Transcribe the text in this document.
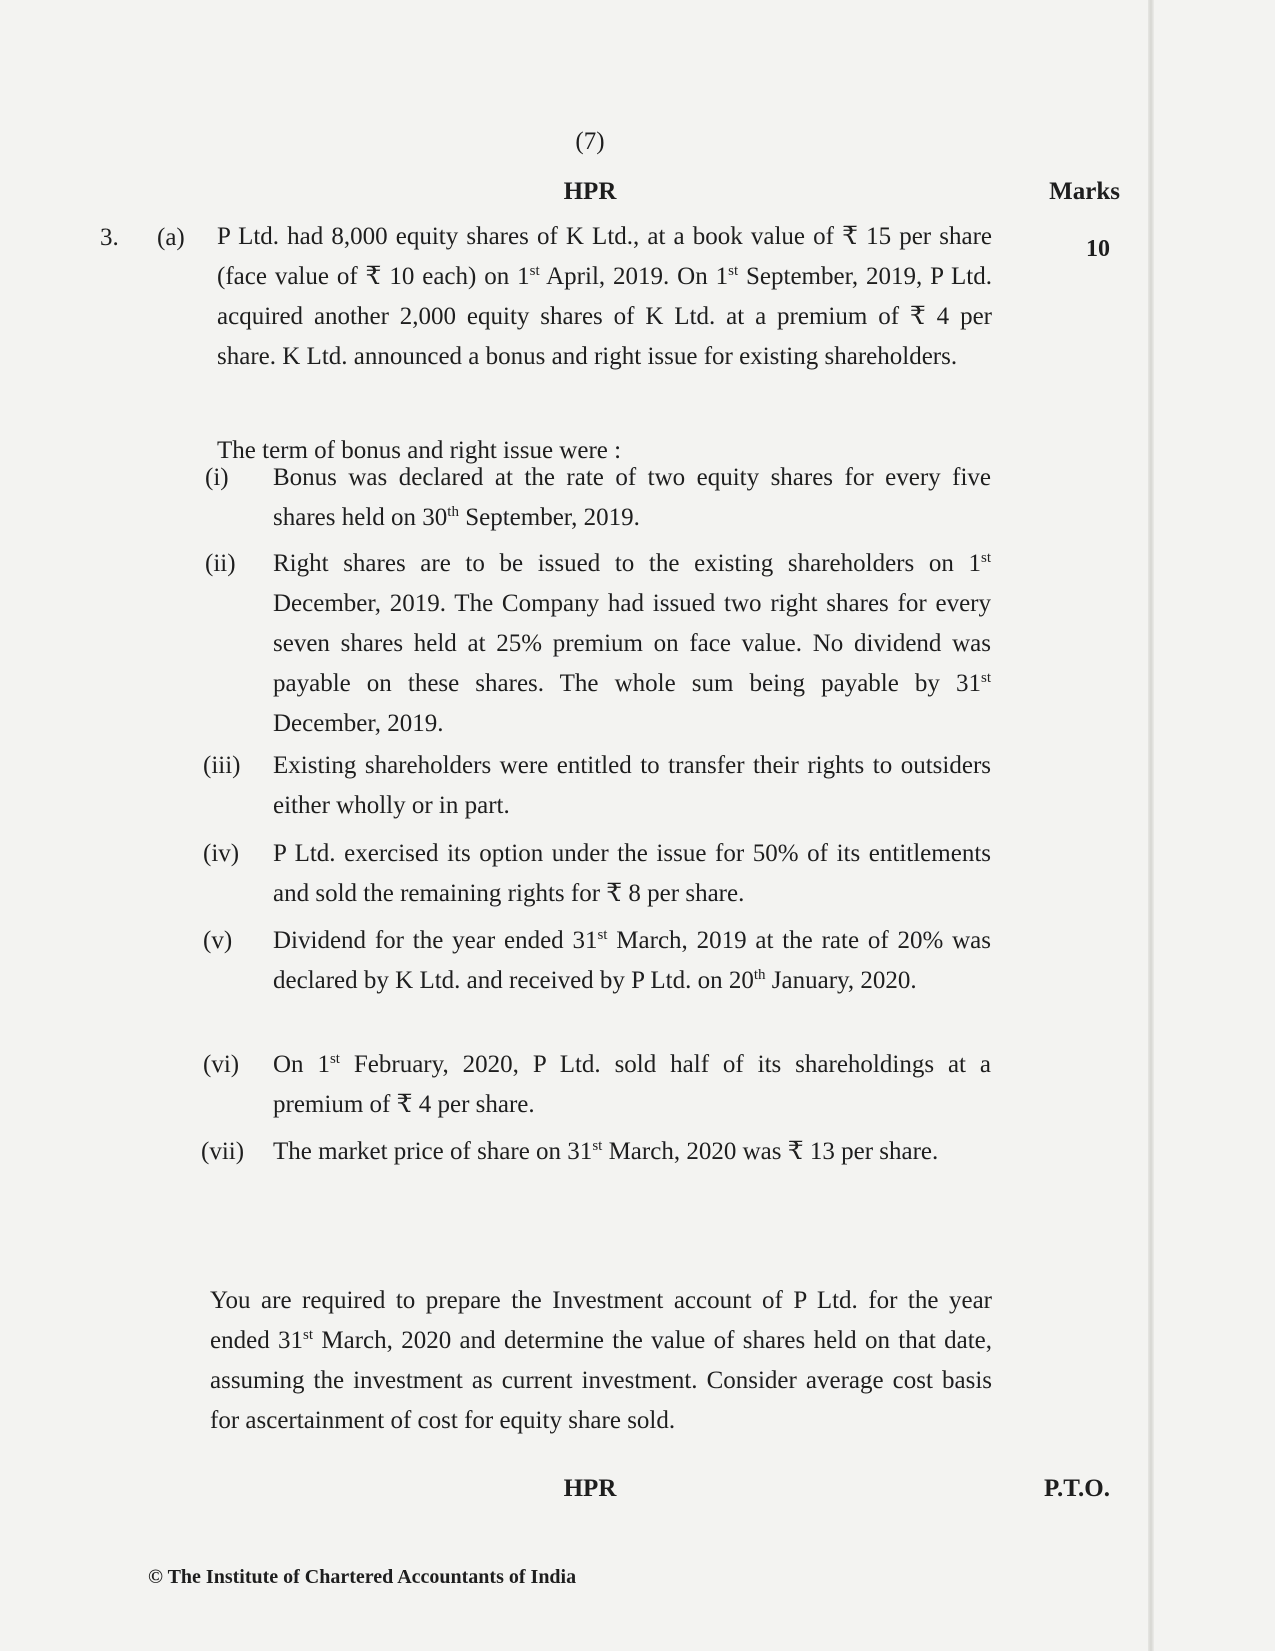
(7)
HPR	Marks
3. (a)	10
P Ltd. had 8,000 equity shares of K Ltd., at a book value of ₹ 15 per share (face value of ₹ 10 each) on 1st April, 2019. On 1st September, 2019, P Ltd. acquired another 2,000 equity shares of K Ltd. at a premium of ₹ 4 per share. K Ltd. announced a bonus and right issue for existing shareholders.
The term of bonus and right issue were :
(i) Bonus was declared at the rate of two equity shares for every five shares held on 30th September, 2019.
(ii) Right shares are to be issued to the existing shareholders on 1st December, 2019. The Company had issued two right shares for every seven shares held at 25% premium on face value. No dividend was payable on these shares. The whole sum being payable by 31st December, 2019.
(iii) Existing shareholders were entitled to transfer their rights to outsiders either wholly or in part.
(iv) P Ltd. exercised its option under the issue for 50% of its entitlements and sold the remaining rights for ₹ 8 per share.
(v) Dividend for the year ended 31st March, 2019 at the rate of 20% was declared by K Ltd. and received by P Ltd. on 20th January, 2020.
(vi) On 1st February, 2020, P Ltd. sold half of its shareholdings at a premium of ₹ 4 per share.
(vii) The market price of share on 31st March, 2020 was ₹ 13 per share.
You are required to prepare the Investment account of P Ltd. for the year ended 31st March, 2020 and determine the value of shares held on that date, assuming the investment as current investment. Consider average cost basis for ascertainment of cost for equity share sold.
HPR	P.T.O.
© The Institute of Chartered Accountants of India
